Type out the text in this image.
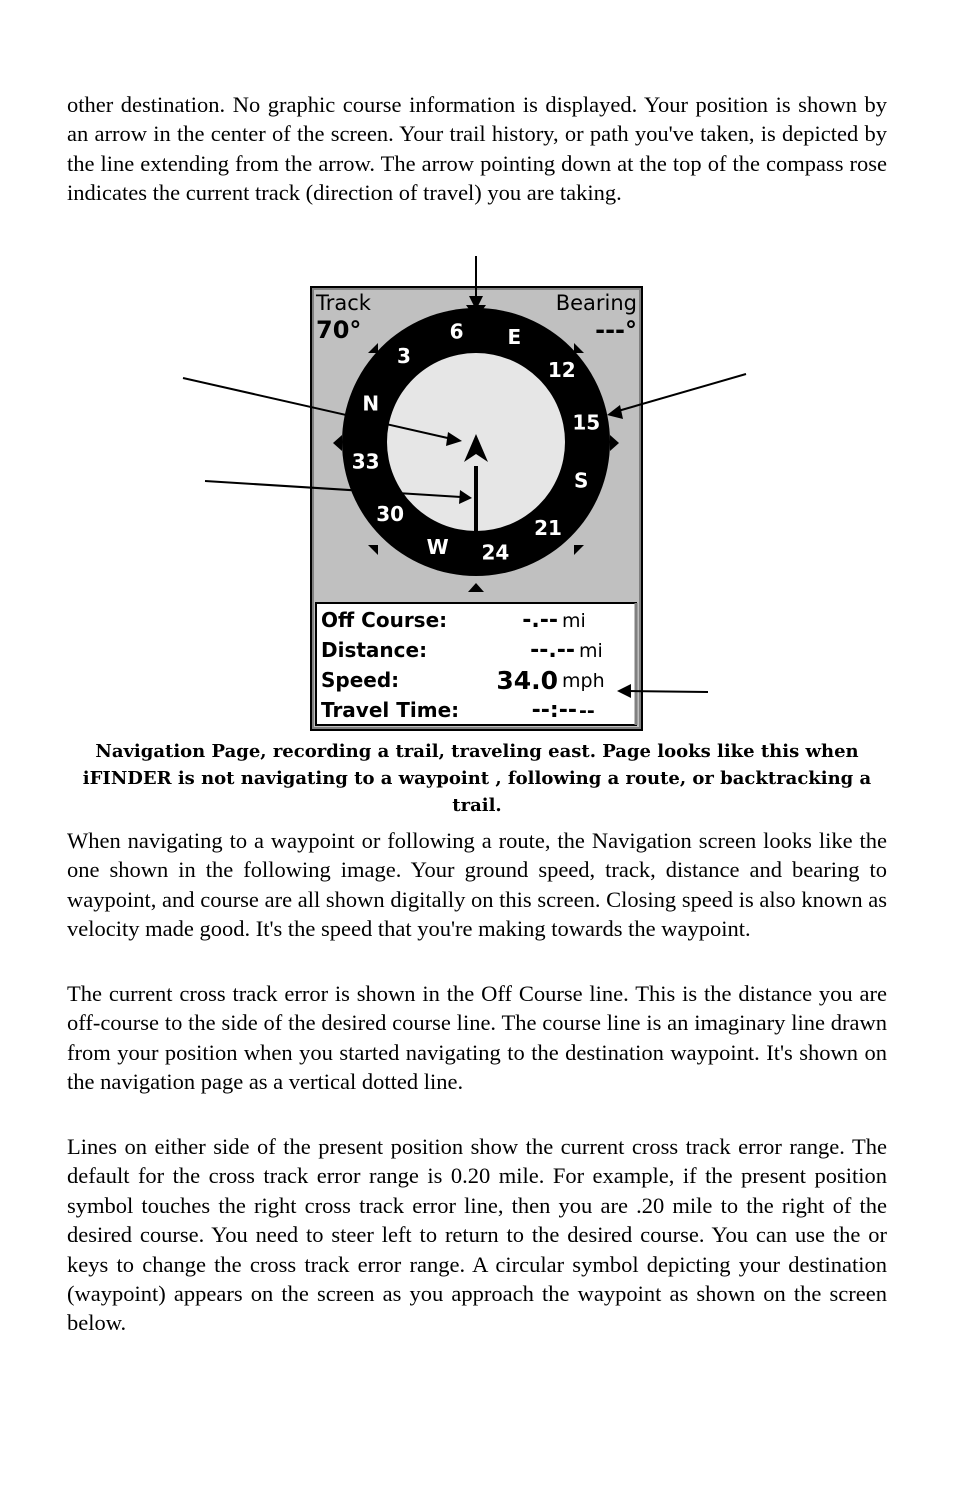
other destination. No graphic course information is displayed. Your position is shown by an arrow in the center of the screen. Your trail history, or path you've taken, is depicted by the line extending from the arrow. The arrow pointing down at the top of the compass rose indicates the current track (direction of travel) you are taking.

Track
70°
Bearing
---°
N
3
6 E
12
15
S
21
24
W
30
33
Off Course:
Distance:
Speed:
Travel Time:
-.--
--.--
34.0
--:--
mi
mi
mph
--

Navigation Page, recording a trail, traveling east. Page looks like this when iFINDER is not navigating to a waypoint , following a route, or backtracking a trail.

When navigating to a waypoint or following a route, the Navigation screen looks like the one shown in the following image. Your ground speed, track, distance and bearing to waypoint, and course are all shown digitally on this screen. Closing speed is also known as velocity made good. It's the speed that you're making towards the waypoint.

The current cross track error is shown in the Off Course line. This is the distance you are off-course to the side of the desired course line. The course line is an imaginary line drawn from your position when you started navigating to the destination waypoint. It's shown on the navigation page as a vertical dotted line.

Lines on either side of the present position show the current cross track error range. The default for the cross track error range is 0.20 mile. For example, if the present position symbol touches the right cross track error line, then you are .20 mile to the right of the desired course. You need to steer left to return to the desired course. You can use the or keys to change the cross track error range. A circular symbol depicting your destination (waypoint) appears on the screen as you approach the waypoint as shown on the screen below.
